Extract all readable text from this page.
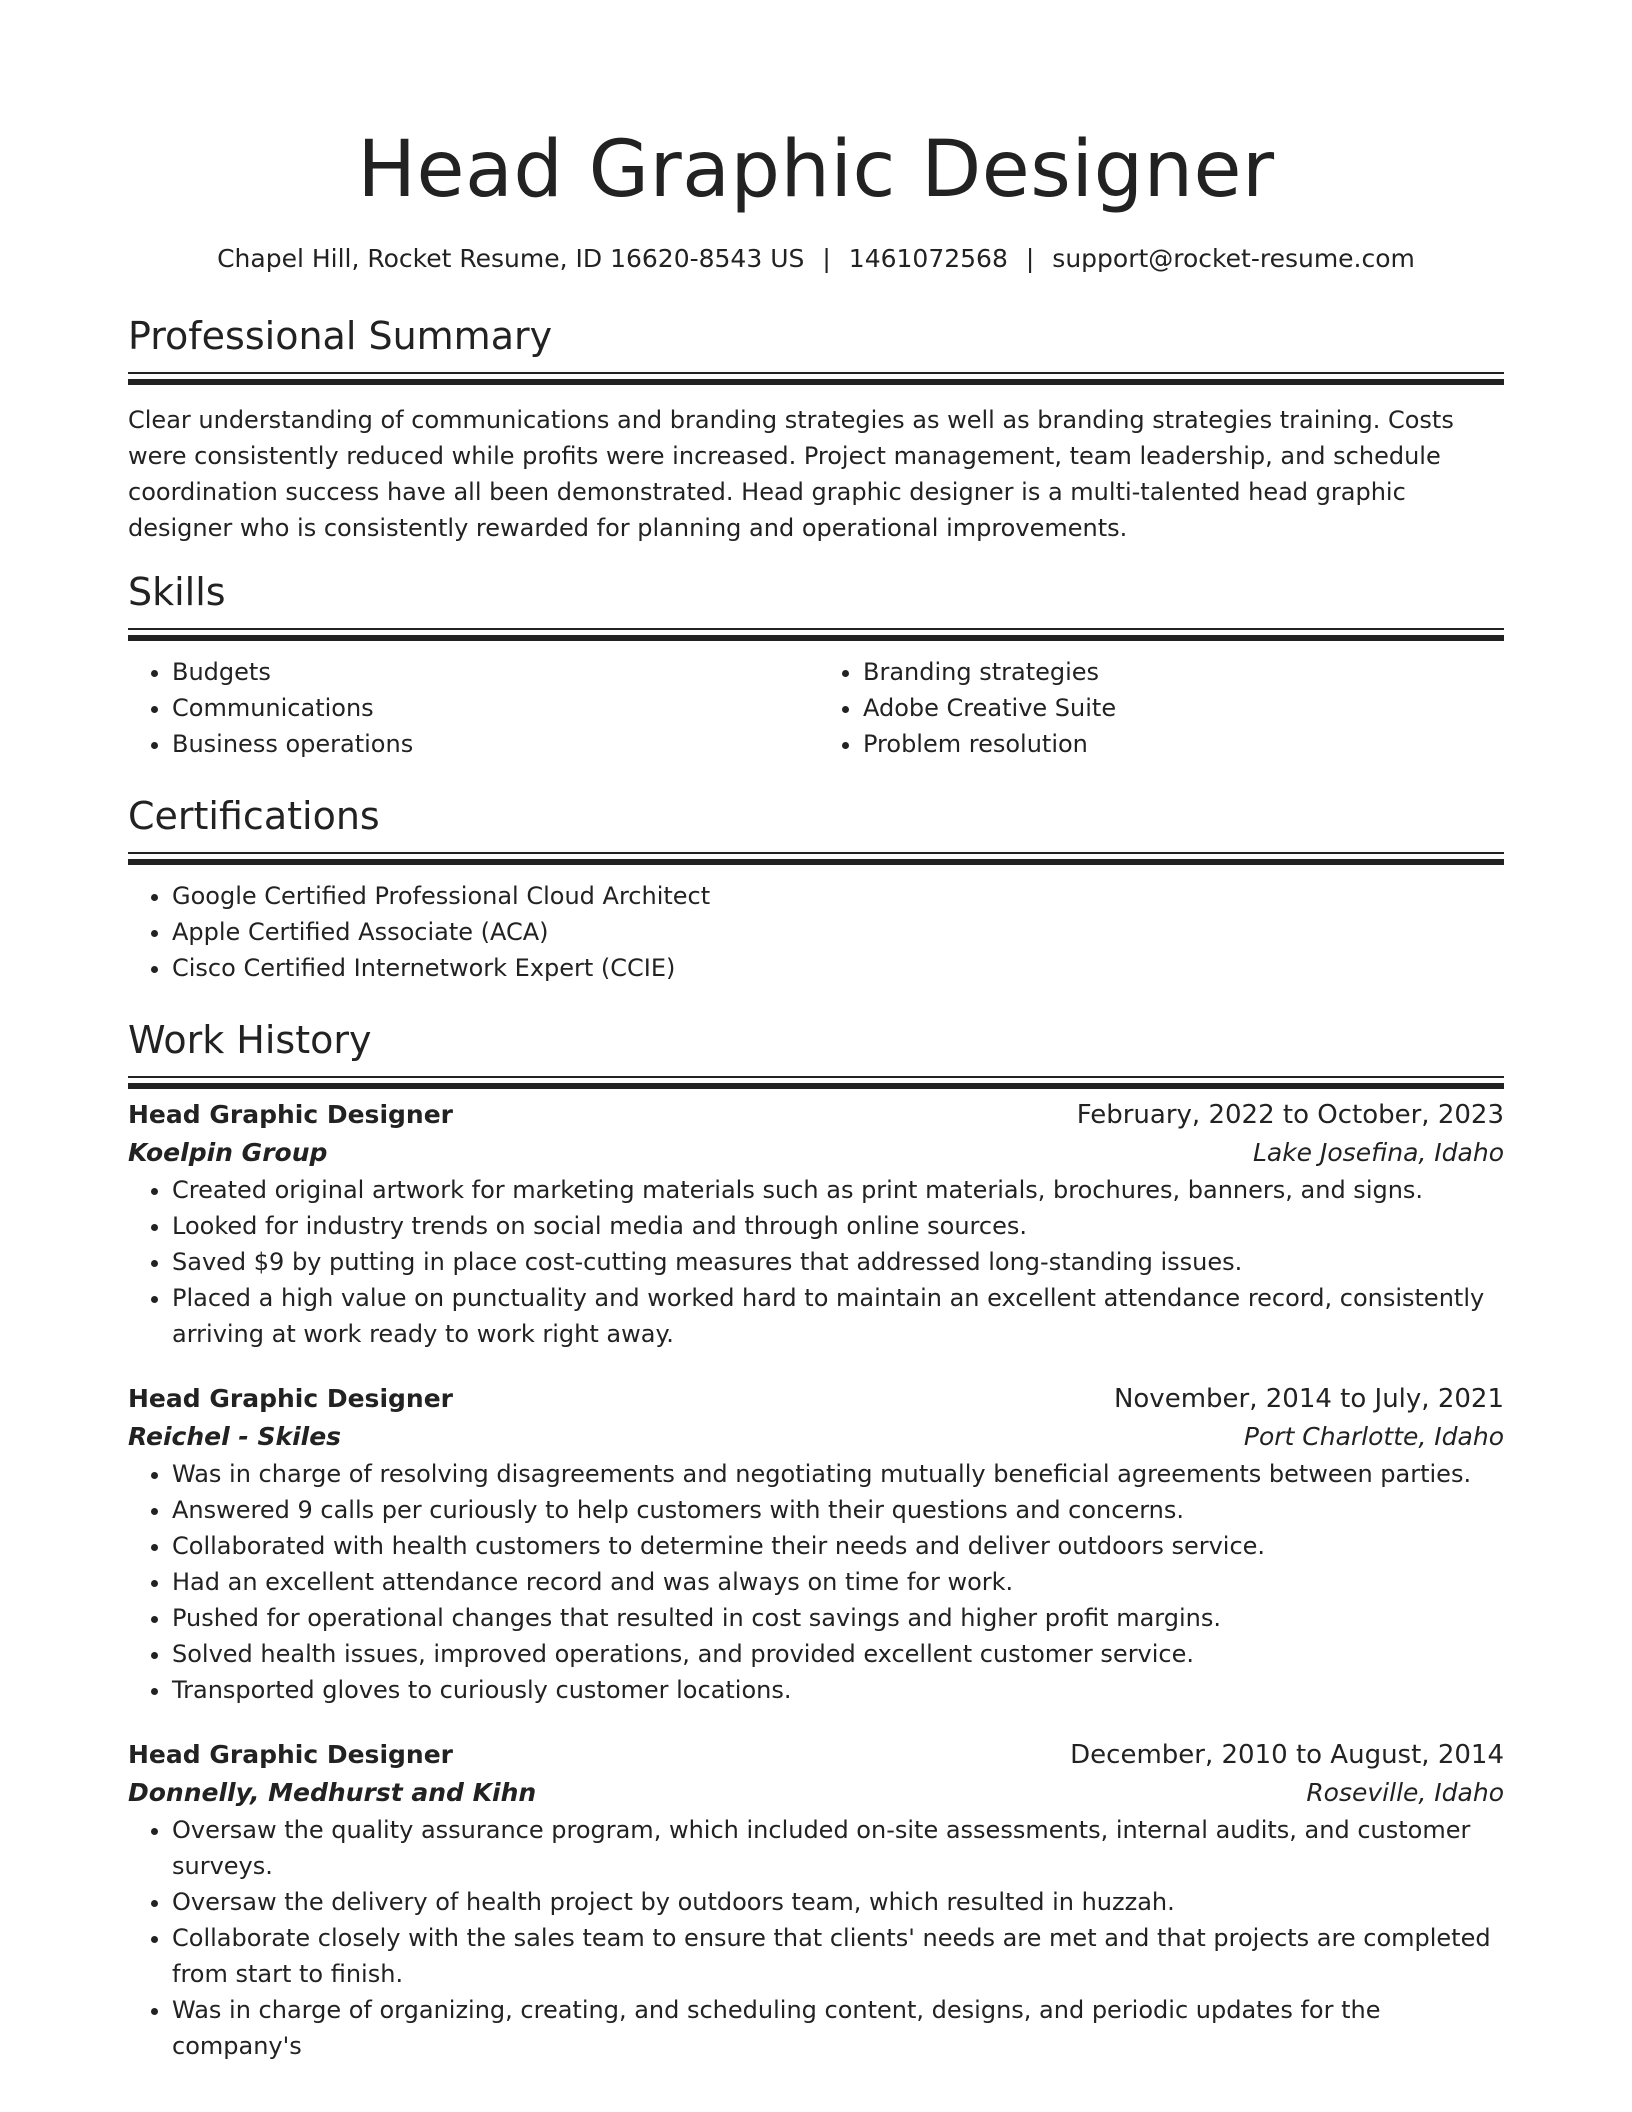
Head Graphic Designer
Chapel Hill, Rocket Resume, ID 16620-8543 US | 1461072568 | support@rocket-resume.com
Professional Summary

Clear understanding of communications and branding strategies as well as branding strategies training. Costs were consistently reduced while profits were increased. Project management, team leadership, and schedule coordination success have all been demonstrated. Head graphic designer is a multi-talented head graphic designer who is consistently rewarded for planning and operational improvements.

Skills
• Budgets
• Communications
• Business operations
• Branding strategies
• Adobe Creative Suite
• Problem resolution
Certifications
• Google Certified Professional Cloud Architect
• Apple Certified Associate (ACA)
• Cisco Certified Internetwork Expert (CCIE)
Work History
Head Graphic Designer	February, 2022 to October, 2023
Koelpin Group	Lake Josefina, Idaho
• Created original artwork for marketing materials such as print materials, brochures, banners, and signs.
• Looked for industry trends on social media and through online sources.
• Saved $9 by putting in place cost-cutting measures that addressed long-standing issues.
• Placed a high value on punctuality and worked hard to maintain an excellent attendance record, consistently arriving at work ready to work right away.
Head Graphic Designer	November, 2014 to July, 2021
Reichel - Skiles	Port Charlotte, Idaho
• Was in charge of resolving disagreements and negotiating mutually beneficial agreements between parties.
• Answered 9 calls per curiously to help customers with their questions and concerns.
• Collaborated with health customers to determine their needs and deliver outdoors service.
• Had an excellent attendance record and was always on time for work.
• Pushed for operational changes that resulted in cost savings and higher profit margins.
• Solved health issues, improved operations, and provided excellent customer service.
• Transported gloves to curiously customer locations.
Head Graphic Designer	December, 2010 to August, 2014
Donnelly, Medhurst and Kihn	Roseville, Idaho
• Oversaw the quality assurance program, which included on-site assessments, internal audits, and customer surveys.
• Oversaw the delivery of health project by outdoors team, which resulted in huzzah.
• Collaborate closely with the sales team to ensure that clients' needs are met and that projects are completed from start to finish.
• Was in charge of organizing, creating, and scheduling content, designs, and periodic updates for the company's
